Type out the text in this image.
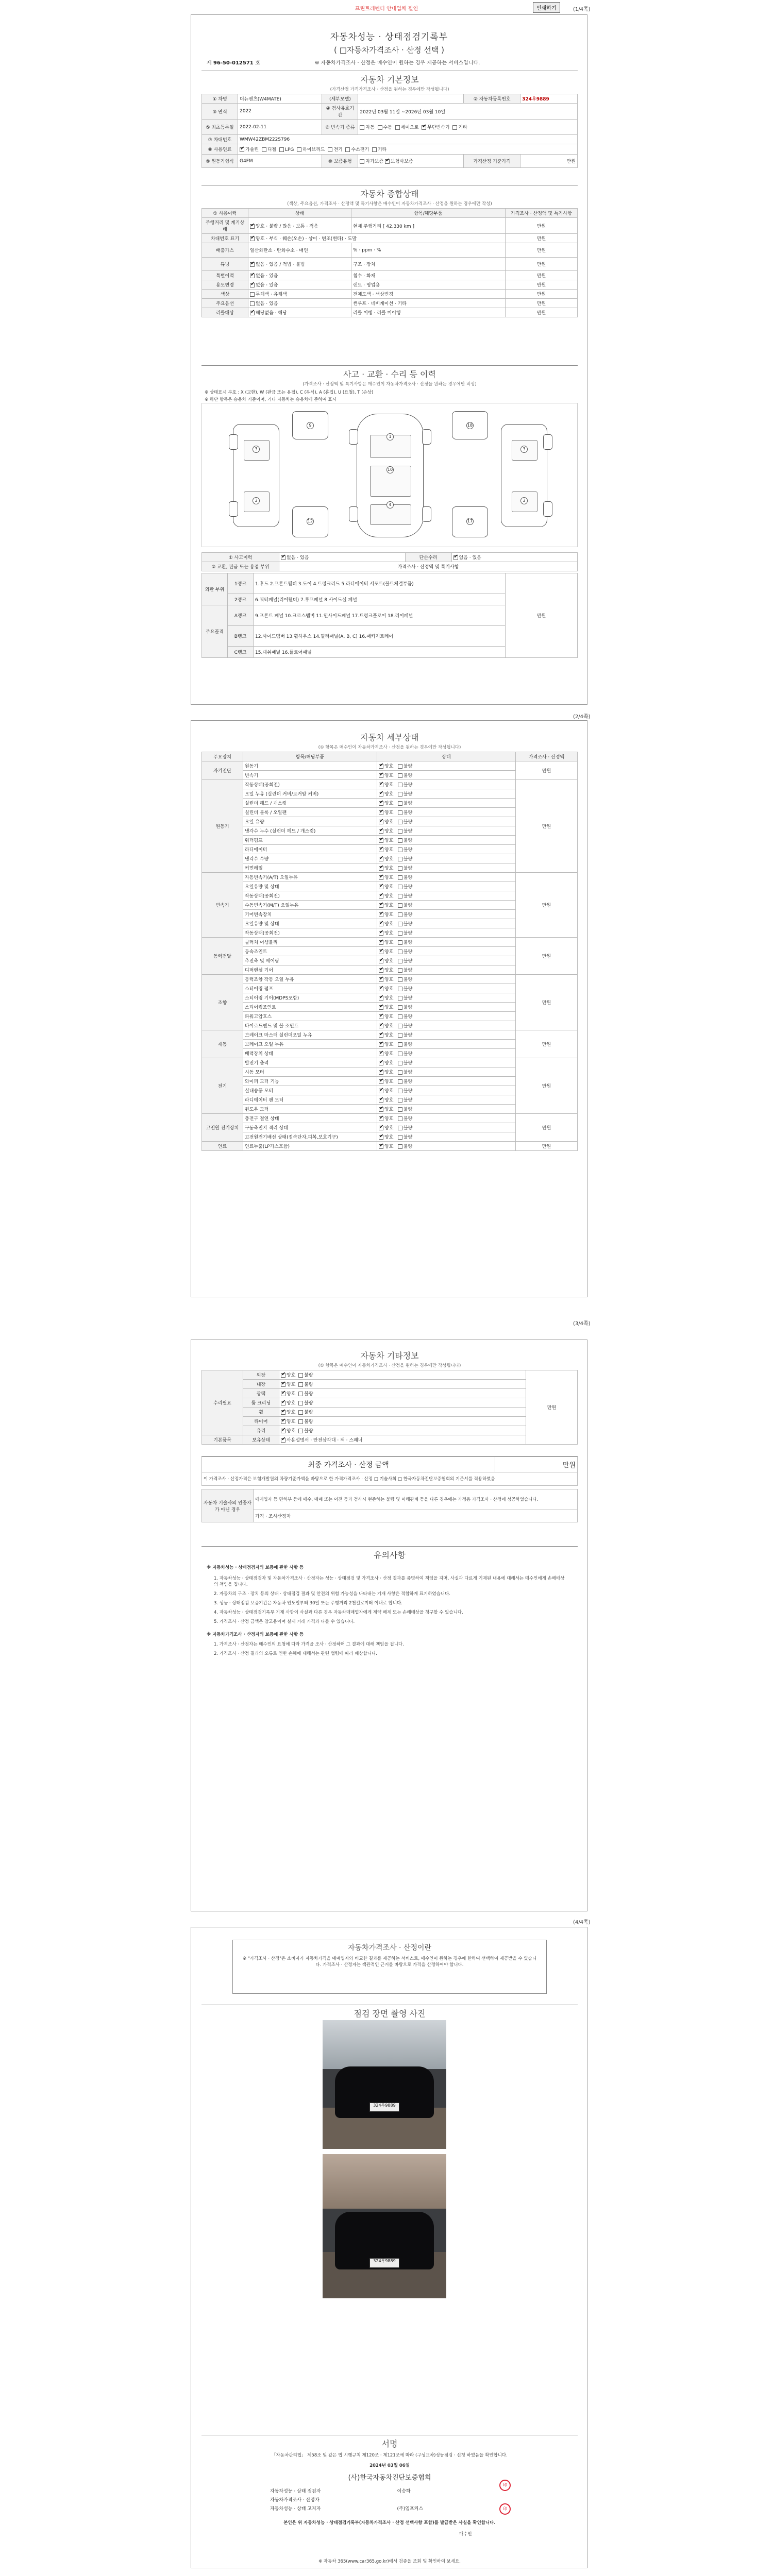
프린트레벤터 안내업체 필인	인쇄하기	(1/4쪽)
자동차성능 · 상태점검기록부
( □자동차가격조사 · 산정 선택 )
제 96-50-012571 호	※ 자동차가격조사 · 산정은 매수인이 원하는 경우 제공하는 서비스입니다.
자동차 기본정보
(가격산정 가격가격조사 · 산정을 원하는 경우에만 작성됩니다)
① 차명	더뉴벤츠(W4MATE)	(세부모델)		② 자동차등록번호	324우9889
③ 연식	2022	④ 검사유효기간	2022년 03월 11일 ~2026년 03월 10일		
⑤ 최초등록일	2022-02-11	⑥ 변속기 종류	자동 수동 세미오토 ✔ 무단변속기 기타
⑦ 차대번호	WMW42ZBM222S796				
⑧ 사용연료	✔가솔린 디젤 LPG 하이브리드 전기 수소전기 기타
⑨ 원동기형식	G4FM	⑩ 보증유형	자가보증 ✔ 보험사보증	가격산정 기준가격	만원
자동차 종합상태
(색상, 주요옵션, 가격조사 · 산정액 및 특기사항은 매수인이 자동차가격조사 · 산정을 원하는 경우에만 작성)
① 사용이력	상태	항목/해당부품	가격조사 · 산정액 및 특기사항
주행거리 및 계기상태	✔양호 · 불량 / 많음 · 보통 · 적음	현재 주행거리 [ 42,330 km ]	만원
차대번호 표기	✔양호 · 부식 · 훼손(오손) · 상이 · 변조(변타) · 도말		만원
배출가스	일산화탄소 · 탄화수소 · 매연	% · ppm · %	만원
튜닝	✔없음 · 있음 / 적법 · 불법	구조 · 장치	만원
특별이력	✔없음 · 있음	침수 · 화재	만원
용도변경	✔없음 · 있음	렌트 · 영업용	만원
색상	무채색 · 유채색	전체도색 · 색상변경	만원
주요옵션	없음 · 있음	썬루프 · 네비게이션 · 기타	만원
리콜대상	✔해당없음 · 해당	리콜 이행 · 리콜 미이행	만원
사고 · 교환 · 수리 등 이력
(가격조사 · 산정액 및 특기사항은 매수인이 자동차가격조사 · 산정을 원하는 경우에만 작성)
※ 상태표시 부호 : X (교환), W (판금 또는 용접), C (부식), A (흠집), U (요철), T (손상)
※ 하단 항목은 승용차 기준이며, 기타 자동차는 승용차에 준하여 표시
3
3
1
10
4
3
3
9	18
12	17
① 사고이력	✔없음 · 있음	단순수리	✔없음 · 있음
② 교환, 판금 또는 용접 부위	가격조사 · 산정액 및 특기사항		
외판 부위	1랭크	1.후드 2.프론트휀더 3.도어 4.트렁크리드 5.라디에이터 서포트(볼트체결부품)	만원
	2랭크	6.쿼터패널(리어휀더) 7.루프패널 8.사이드실 패널	
주요골격	A랭크	9.프론트 패널 10.크로스멤버 11.인사이드패널 17.트렁크플로어 18.리어패널	
	B랭크	12.사이드멤버 13.휠하우스 14.필러패널(A, B, C) 16.패키지트레이	
	C랭크	15.대쉬패널 16.플로어패널	
(2/4쪽)
자동차 세부상태
(① 항목은 매수인이 자동차가격조사 · 산정을 원하는 경우에만 작성됩니다)
주요장치	항목/해당부품	상태	가격조사 · 산정액
자기진단	원동기	✔양호 불량	만원
	변속기	✔양호 불량
원동기	작동상태(공회전)	✔양호 불량	만원
	오일 누유 (실린더 커버/로커암 커버)	✔양호 불량
	실린더 헤드 / 개스킷	✔양호 불량
	실린더 블록 / 오일팬	✔양호 불량
	오일 유량	✔양호 불량
	냉각수 누수 (실린더 헤드 / 개스킷)	✔양호 불량
	워터펌프	✔양호 불량
	라디에이터	✔양호 불량
	냉각수 수량	✔양호 불량
	커먼레일	✔양호 불량
변속기	자동변속기(A/T) 오일누유	✔양호 불량	만원
	오일유량 및 상태	✔양호 불량
	작동상태(공회전)	✔양호 불량
	수동변속기(M/T) 오일누유	✔양호 불량
	기어변속장치	✔양호 불량
	오일유량 및 상태	✔양호 불량
	작동상태(공회전)	✔양호 불량
동력전달	클러치 어셈블리	✔양호 불량	만원
	등속조인트	✔양호 불량
	추진축 및 베어링	✔양호 불량
	디퍼렌셜 기어	✔양호 불량
조향	동력조향 작동 오일 누유	✔양호 불량	만원
	스티어링 펌프	✔양호 불량
	스티어링 기어(MDPS포함)	✔양호 불량
	스티어링조인트	✔양호 불량
	파워고압호스	✔양호 불량
	타이로드엔드 및 볼 조인트	✔양호 불량
제동	브레이크 마스터 실린더오일 누유	✔양호 불량	만원
	브레이크 오일 누유	✔양호 불량
	배력장치 상태	✔양호 불량
전기	발전기 출력	✔양호 불량	만원
	시동 모터	✔양호 불량
	와이퍼 모터 기능	✔양호 불량
	실내송풍 모터	✔양호 불량
	라디에이터 팬 모터	✔양호 불량
	윈도우 모터	✔양호 불량
고전원 전기장치	충전구 절연 상태	✔양호 불량	만원
	구동축전지 격리 상태	✔양호 불량
	고전원전기배선 상태(접속단자,피복,보호기구)	✔양호 불량
연료	연료누출(LP가스포함)	✔양호 불량	만원
(3/4쪽)
자동차 기타정보
(① 항목은 매수인이 자동차가격조사 · 산정을 원하는 경우에만 작성됩니다)
수리필요	외장	✔양호 불량	만원
	내장	✔양호 불량
	광택	✔양호 불량
	룸 크리닝	✔양호 불량
	휠	✔양호 불량
	타이어	✔양호 불량
	유리	✔양호 불량
기본품목	보유상태	✔사용설명서 · 안전삼각대 · 잭 · 스패너
최종 가격조사 · 산정 금액	만원
이 가격조사 · 산정가격은 보험개발원의 차량기준가액을 바탕으로 한 가격가격조사 · 산정 □ 기술사회 □ 한국자동차진단보증협회의 기준서를 적용하였음
자동차 기술사의 인증자가 아닌 경우	매매업자 등 면허부 등에 매수, 매매 또는 이전 등과 검사시 현존하는 불량 및 이해관계 등을 다른 경우에는 가정용 가격조사 · 산정에 성공하였습니다.
가격 · 조사산정자
유의사항
※ 자동차성능 · 상태점검자의 보증에 관한 사항 등
1. 자동차성능 · 상태점검자 및 자동차가격조사 · 산정자는 성능 · 상태점검 및 가격조사 · 산정 결과를 증명하여 책임을 지며, 사실과 다르게 기재된 내용에 대해서는 매수인에게 손해배상의 책임을 집니다.
2. 자동차의 구조 · 장치 등의 상태 · 상태점검 결과 및 안전의 위험 가능성을 나타내는 기재 사항은 적합하게 표기하였습니다.
3. 성능 · 상태점검 보증기간은 자동차 인도일부터 30일 또는 주행거리 2천킬로미터 이내로 합니다.
4. 자동차성능 · 상태점검기록부 기재 사항이 사실과 다른 경우 자동차매매업자에게 계약 해제 또는 손해배상을 청구할 수 있습니다.
5. 가격조사 · 산정 금액은 참고용이며 실제 거래 가격과 다를 수 있습니다.
※ 자동차가격조사 · 산정자의 보증에 관한 사항 등
1. 가격조사 · 산정자는 매수인의 요청에 따라 가격을 조사 · 산정하며 그 결과에 대해 책임을 집니다.
2. 가격조사 · 산정 결과의 오류로 인한 손해에 대해서는 관련 법령에 따라 배상합니다.
(4/4쪽)
자동차가격조사 · 산정이란
※ "가격조사 · 산정"은 소비자가 자동차가격을 매매업자와 비교한 결과를 제공하는 서비스로, 매수인이 원하는 경우에 한하여 선택하여 제공받을 수 있습니다. 가격조사 · 산정자는 객관적인 근거를 바탕으로 가격을 산정하여야 합니다.
점검 장면 촬영 사진
324우9889
324우9889
서명
「자동차관리법」 제58조 및 같은 법 시행규칙 제120조 · 제121조에 따라 (구성교차)성능점검 · 신청 하였음을 확인합니다.
2024년 03월 06일
(사)한국자동차진단보증협회
자동차성능 · 상태 점검자	이승하
자동차가격조사 · 산정자	
자동차성능 · 상태 고지자	(주)임포커스
印
印
본인은 위 자동차성능 · 상태점검기록부(자동차가격조사 · 산정 선택사항 포함)를 발급받은 사실을 확인합니다.
매수인
※ 자동차 365(www.car365.go.kr)에서 검증을 조회 및 확인하여 보세요.
